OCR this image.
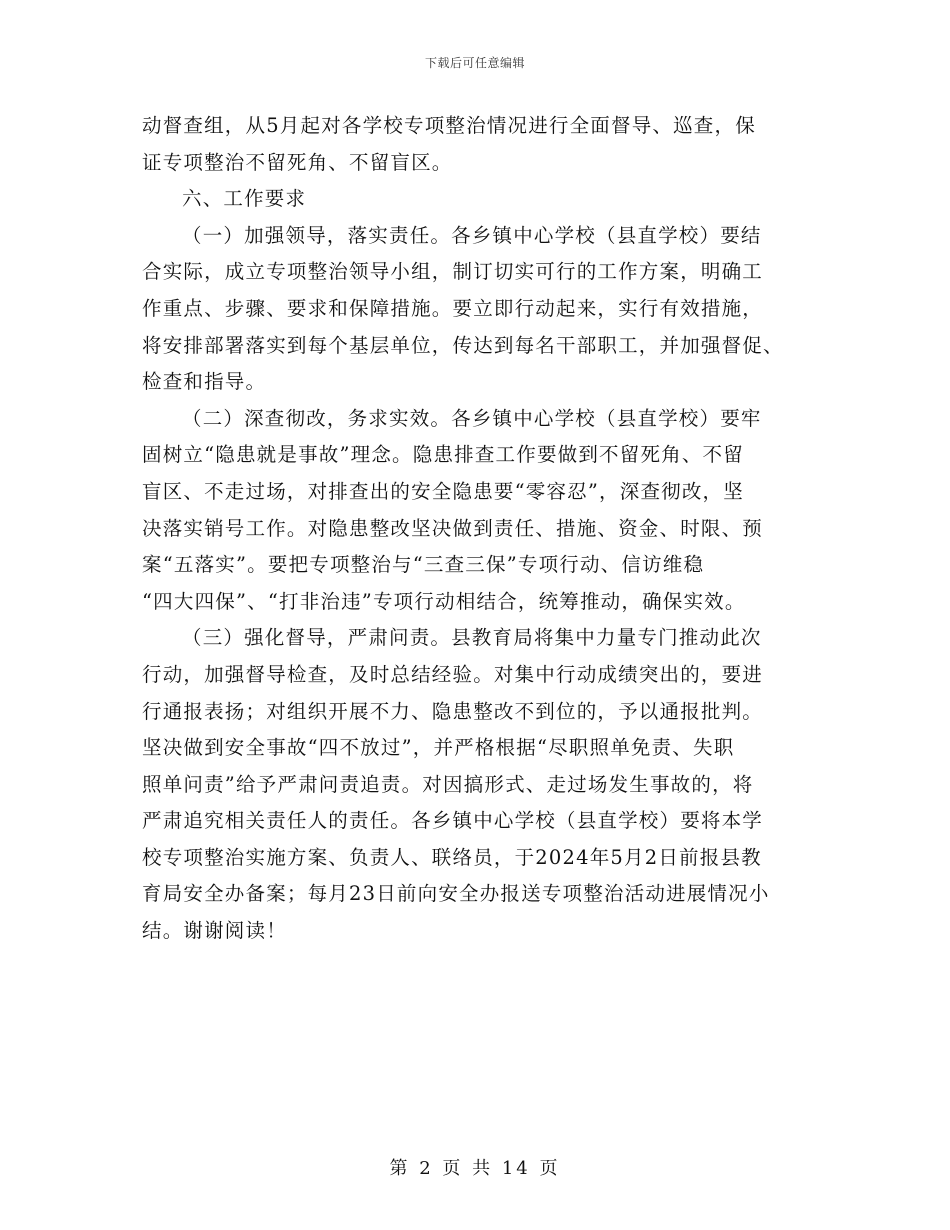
下载后可任意编辑
动督查组，从5月起对各学校专项整治情况进行全面督导、巡查，保
证专项整治不留死角、不留盲区。
六、工作要求
（一）加强领导，落实责任。各乡镇中心学校（县直学校）要结
合实际，成立专项整治领导小组，制订切实可行的工作方案，明确工
作重点、步骤、要求和保障措施。要立即行动起来，实行有效措施，
将安排部署落实到每个基层单位，传达到每名干部职工，并加强督促、
检查和指导。
（二）深查彻改，务求实效。各乡镇中心学校（县直学校）要牢
固树立“隐患就是事故”理念。隐患排查工作要做到不留死角、不留
盲区、不走过场，对排查出的安全隐患要“零容忍”，深查彻改，坚
决落实销号工作。对隐患整改坚决做到责任、措施、资金、时限、预
案“五落实”。要把专项整治与“三查三保”专项行动、信访维稳
“四大四保”、“打非治违”专项行动相结合，统筹推动，确保实效。
（三）强化督导，严肃问责。县教育局将集中力量专门推动此次
行动，加强督导检查，及时总结经验。对集中行动成绩突出的，要进
行通报表扬；对组织开展不力、隐患整改不到位的，予以通报批判。
坚决做到安全事故“四不放过”，并严格根据“尽职照单免责、失职
照单问责”给予严肃问责追责。对因搞形式、走过场发生事故的，将
严肃追究相关责任人的责任。各乡镇中心学校（县直学校）要将本学
校专项整治实施方案、负责人、联络员，于2024年5月2日前报县教
育局安全办备案；每月23日前向安全办报送专项整治活动进展情况小
结。谢谢阅读！
第 2 页 共 14 页
